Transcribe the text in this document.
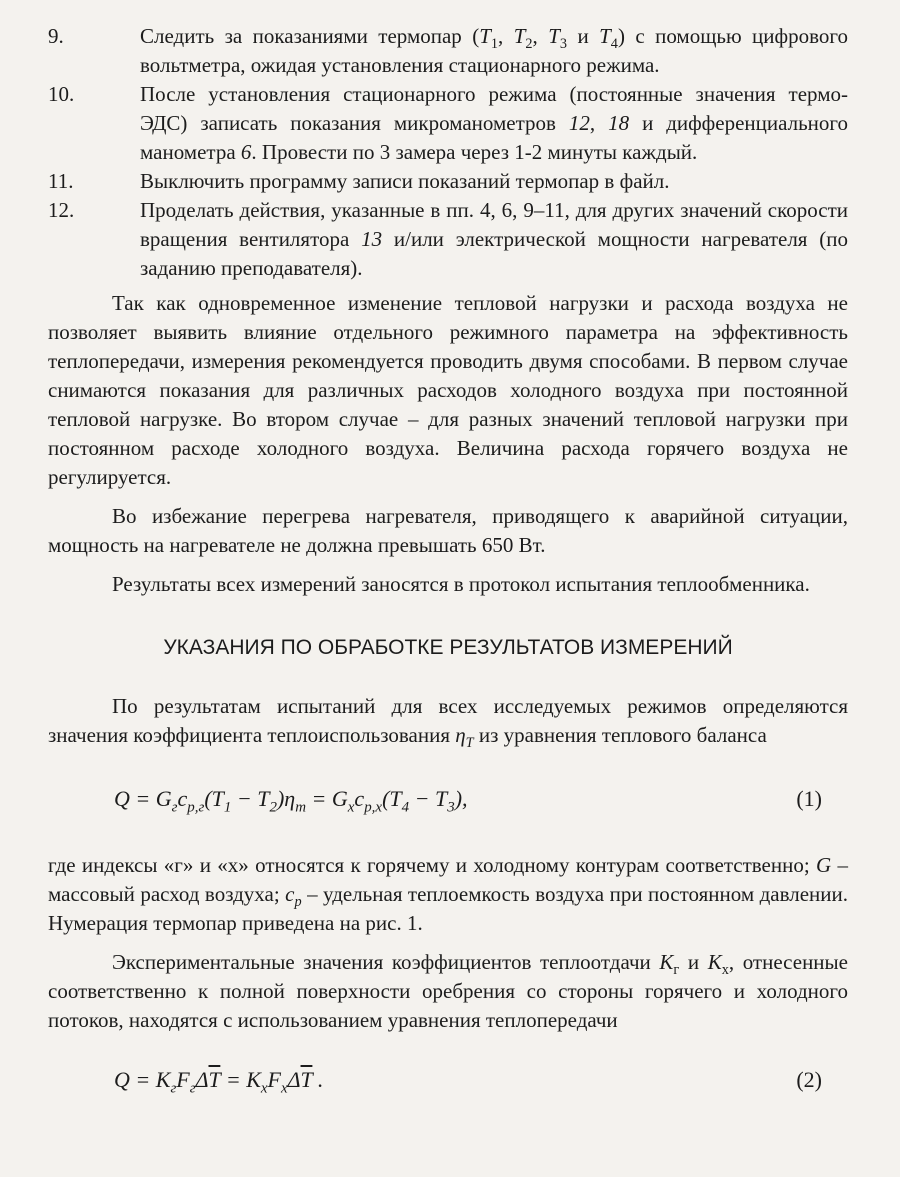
9.	Следить за показаниями термопар ($T_1$, $T_2$, $T_3$ и $T_4$) с помощью цифрового вольтметра, ожидая установления стационарного режима.
10.	После установления стационарного режима (постоянные значения термо-ЭДС) записать показания микроманометров 12, 18 и дифференциального манометра 6. Провести по 3 замера через 1-2 минуты каждый.
11.	Выключить программу записи показаний термопар в файл.
12.	Проделать действия, указанные в пп. 4, 6, 9–11, для других значений скорости вращения вентилятора 13 и/или электрической мощности нагревателя (по заданию преподавателя).

Так как одновременное изменение тепловой нагрузки и расхода воздуха не позволяет выявить влияние отдельного режимного параметра на эффективность теплопередачи, измерения рекомендуется проводить двумя способами. В первом случае снимаются показания для различных расходов холодного воздуха при постоянной тепловой нагрузке. Во втором случае – для разных значений тепловой нагрузки при постоянном расходе холодного воздуха. Величина расхода горячего воздуха не регулируется.

Во избежание перегрева нагревателя, приводящего к аварийной ситуации, мощность на нагревателе не должна превышать 650 Вт.

Результаты всех измерений заносятся в протокол испытания теплообменника.

УКАЗАНИЯ ПО ОБРАБОТКЕ РЕЗУЛЬТАТОВ ИЗМЕРЕНИЙ

По результатам испытаний для всех исследуемых режимов определяются значения коэффициента теплоиспользования $\eta_T$ из уравнения теплового баланса

$Q = G_гc_{p,г}(T_1 - T_2)\eta_т = G_хc_{p,х}(T_4 - T_3)$,	(1)

где индексы «г» и «х» относятся к горячему и холодному контурам соответственно; G – массовый расход воздуха; $c_p$ – удельная теплоемкость воздуха при постоянном давлении. Нумерация термопар приведена на рис. 1.

Экспериментальные значения коэффициентов теплоотдачи $K_г$ и $K_х$, отнесенные соответственно к полной поверхности оребрения со стороны горячего и холодного потоков, находятся с использованием уравнения теплопередачи

$Q = K_гF_г\Delta\overline{T} = K_хF_х\Delta\overline{T}$ .	(2)
